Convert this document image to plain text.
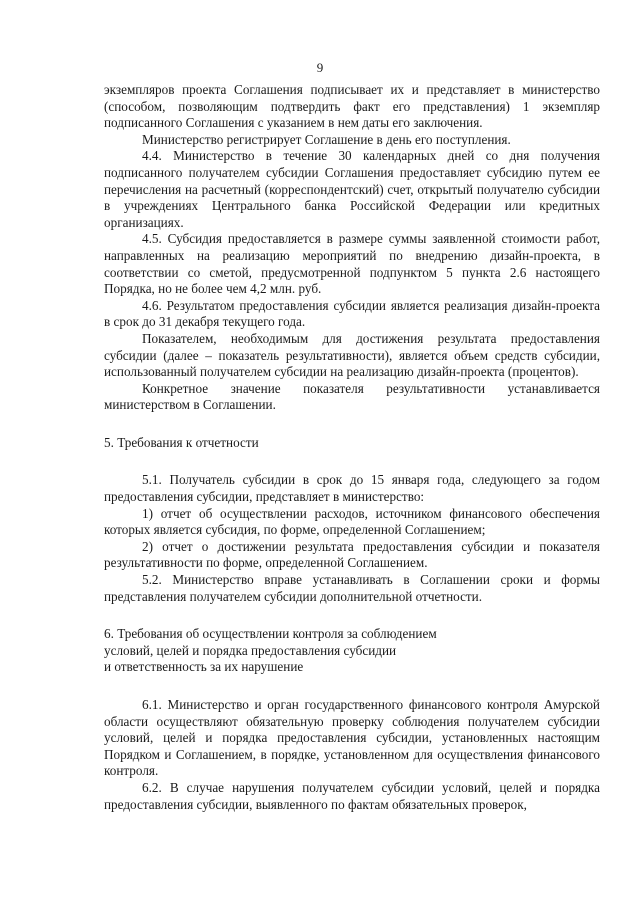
9

экземпляров проекта Соглашения подписывает их и представляет в министерство (способом, позволяющим подтвердить факт его представления) 1 экземпляр подписанного Соглашения с указанием в нем даты его заключения.

Министерство регистрирует Соглашение в день его поступления.

4.4. Министерство в течение 30 календарных дней со дня получения подписанного получателем субсидии Соглашения предоставляет субсидию путем ее перечисления на расчетный (корреспондентский) счет, открытый получателю субсидии в учреждениях Центрального банка Российской Федерации или кредитных организациях.

4.5. Субсидия предоставляется в размере суммы заявленной стоимости работ, направленных на реализацию мероприятий по внедрению дизайн-проекта, в соответствии со сметой, предусмотренной подпунктом 5 пункта 2.6 настоящего Порядка, но не более чем 4,2 млн. руб.

4.6. Результатом предоставления субсидии является реализация дизайн-проекта в срок до 31 декабря текущего года.

Показателем, необходимым для достижения результата предоставления субсидии (далее – показатель результативности), является объем средств субсидии, использованный получателем субсидии на реализацию дизайн-проекта (процентов).

Конкретное значение показателя результативности устанавливается министерством в Соглашении.

5. Требования к отчетности

5.1. Получатель субсидии в срок до 15 января года, следующего за годом предоставления субсидии, представляет в министерство:

1) отчет об осуществлении расходов, источником финансового обеспечения которых является субсидия, по форме, определенной Соглашением;

2) отчет о достижении результата предоставления субсидии и показателя результативности по форме, определенной Соглашением.

5.2. Министерство вправе устанавливать в Соглашении сроки и формы представления получателем субсидии дополнительной отчетности.

6. Требования об осуществлении контроля за соблюдением

условий, целей и порядка предоставления субсидии

и ответственность за их нарушение

6.1. Министерство и орган государственного финансового контроля Амурской области осуществляют обязательную проверку соблюдения получателем субсидии условий, целей и порядка предоставления субсидии, установленных настоящим Порядком и Соглашением, в порядке, установленном для осуществления финансового контроля.

6.2. В случае нарушения получателем субсидии условий, целей и порядка предоставления субсидии, выявленного по фактам обязательных проверок,
